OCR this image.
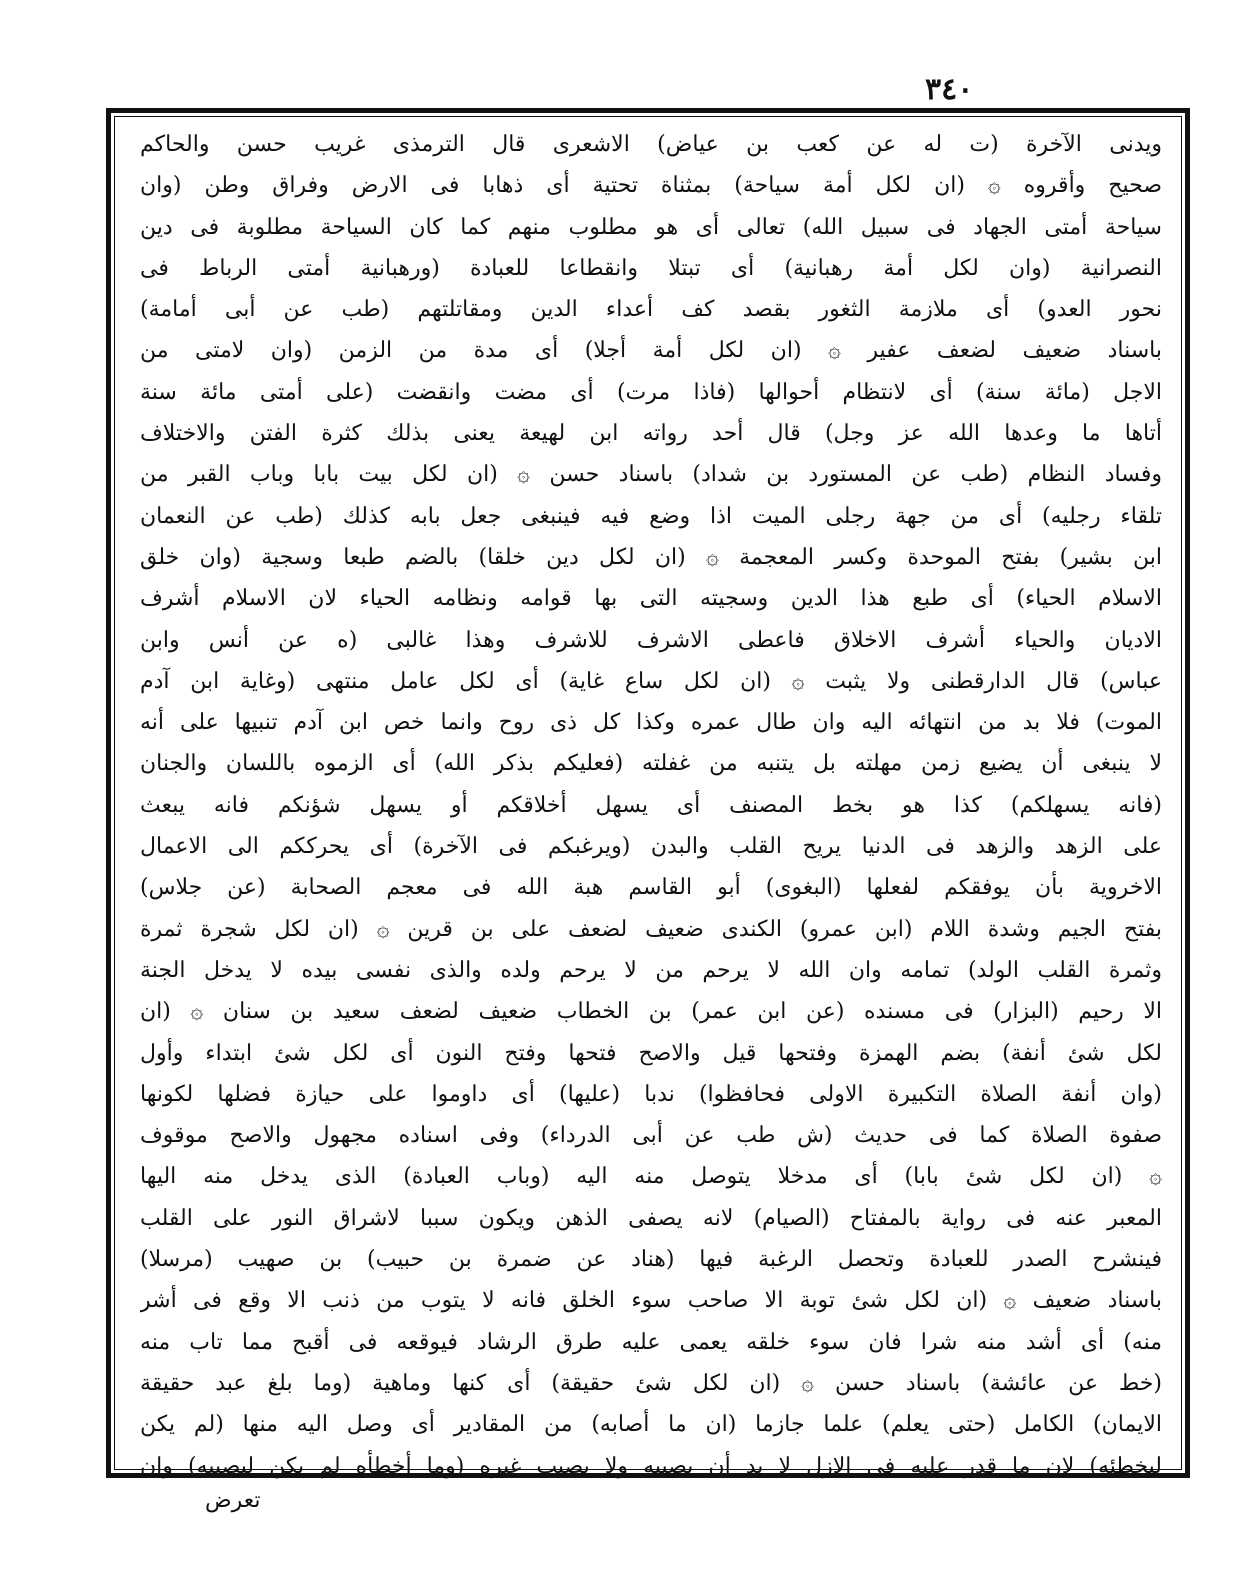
٣٤٠
ويدنى الآخرة (ت له عن كعب بن عياض) الاشعرى قال الترمذى غريب حسن والحاكم
صحيح وأقروه ۞ (ان لكل أمة سياحة) بمثناة تحتية أى ذهابا فى الارض وفراق وطن (وان
سياحة أمتى الجهاد فى سبيل الله) تعالى أى هو مطلوب منهم كما كان السياحة مطلوبة فى دين
النصرانية (وان لكل أمة رهبانية) أى تبتلا وانقطاعا للعبادة (ورهبانية أمتى الرباط فى
نحور العدو) أى ملازمة الثغور بقصد كف أعداء الدين ومقاتلتهم (طب عن أبى أمامة)
باسناد ضعيف لضعف عفير ۞ (ان لكل أمة أجلا) أى مدة من الزمن (وان لامتى من
الاجل (مائة سنة) أى لانتظام أحوالها (فاذا مرت) أى مضت وانقضت (على أمتى مائة سنة
أتاها ما وعدها الله عز وجل) قال أحد رواته ابن لهيعة يعنى بذلك كثرة الفتن والاختلاف
وفساد النظام (طب عن المستورد بن شداد) باسناد حسن ۞ (ان لكل بيت بابا وباب القبر من
تلقاء رجليه) أى من جهة رجلى الميت اذا وضع فيه فينبغى جعل بابه كذلك (طب عن النعمان
ابن بشير) بفتح الموحدة وكسر المعجمة ۞ (ان لكل دين خلقا) بالضم طبعا وسجية (وان خلق
الاسلام الحياء) أى طبع هذا الدين وسجيته التى بها قوامه ونظامه الحياء لان الاسلام أشرف
الاديان والحياء أشرف الاخلاق فاعطى الاشرف للاشرف وهذا غالبى (ه عن أنس وابن
عباس) قال الدارقطنى ولا يثبت ۞ (ان لكل ساع غاية) أى لكل عامل منتهى (وغاية ابن آدم
الموت) فلا بد من انتهائه اليه وان طال عمره وكذا كل ذى روح وانما خص ابن آدم تنبيها على أنه
لا ينبغى أن يضيع زمن مهلته بل يتنبه من غفلته (فعليكم بذكر الله) أى الزموه باللسان والجنان
(فانه يسهلكم) كذا هو بخط المصنف أى يسهل أخلاقكم أو يسهل شؤنكم فانه يبعث
على الزهد والزهد فى الدنيا يريح القلب والبدن (ويرغبكم فى الآخرة) أى يحرككم الى الاعمال
الاخروية بأن يوفقكم لفعلها (البغوى) أبو القاسم هبة الله فى معجم الصحابة (عن جلاس)
بفتح الجيم وشدة اللام (ابن عمرو) الكندى ضعيف لضعف على بن قرين ۞ (ان لكل شجرة ثمرة
وثمرة القلب الولد) تمامه وان الله لا يرحم من لا يرحم ولده والذى نفسى بيده لا يدخل الجنة
الا رحيم (البزار) فى مسنده (عن ابن عمر) بن الخطاب ضعيف لضعف سعيد بن سنان ۞ (ان
لكل شئ أنفة) بضم الهمزة وفتحها قيل والاصح فتحها وفتح النون أى لكل شئ ابتداء وأول
(وان أنفة الصلاة التكبيرة الاولى فحافظوا) ندبا (عليها) أى داوموا على حيازة فضلها لكونها
صفوة الصلاة كما فى حديث (ش طب عن أبى الدرداء) وفى اسناده مجهول والاصح موقوف
۞ (ان لكل شئ بابا) أى مدخلا يتوصل منه اليه (وباب العبادة) الذى يدخل منه اليها
المعبر عنه فى رواية بالمفتاح (الصيام) لانه يصفى الذهن ويكون سببا لاشراق النور على القلب
فينشرح الصدر للعبادة وتحصل الرغبة فيها (هناد عن ضمرة بن حبيب) بن صهيب (مرسلا)
باسناد ضعيف ۞ (ان لكل شئ توبة الا صاحب سوء الخلق فانه لا يتوب من ذنب الا وقع فى أشر
منه) أى أشد منه شرا فان سوء خلقه يعمى عليه طرق الرشاد فيوقعه فى أقبح مما تاب منه
(خط عن عائشة) باسناد حسن ۞ (ان لكل شئ حقيقة) أى كنها وماهية (وما بلغ عبد حقيقة
الايمان) الكامل (حتى يعلم) علما جازما (ان ما أصابه) من المقادير أى وصل اليه منها (لم يكن
ليخطئه) لان ما قدر عليه فى الازل لا بد أن يصيبه ولا يصيب غيره (وما أخطأه لم يكن ليصيبه) وان
تعرض
